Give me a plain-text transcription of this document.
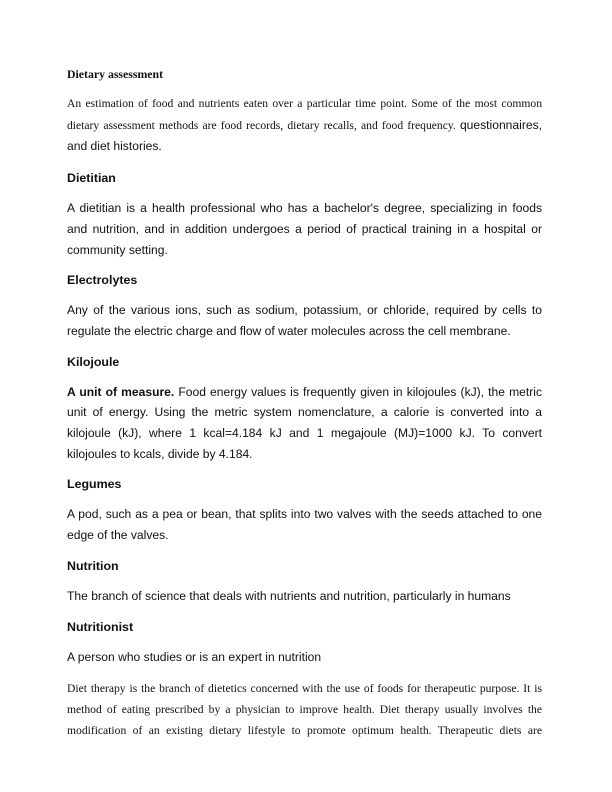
Dietary assessment

An estimation of food and nutrients eaten over a particular time point. Some of the most common dietary assessment methods are food records, dietary recalls, and food frequency. questionnaires, and diet histories.

Dietitian

A dietitian is a health professional who has a bachelor's degree, specializing in foods and nutrition, and in addition undergoes a period of practical training in a hospital or community setting.

Electrolytes

Any of the various ions, such as sodium, potassium, or chloride, required by cells to regulate the electric charge and flow of water molecules across the cell membrane.

Kilojoule

A unit of measure. Food energy values is frequently given in kilojoules (kJ), the metric unit of energy. Using the metric system nomenclature, a calorie is converted into a kilojoule (kJ), where 1 kcal=4.184 kJ and 1 megajoule (MJ)=1000 kJ. To convert kilojoules to kcals, divide by 4.184.

Legumes

A pod, such as a pea or bean, that splits into two valves with the seeds attached to one edge of the valves.

Nutrition

The branch of science that deals with nutrients and nutrition, particularly in humans

Nutritionist

A person who studies or is an expert in nutrition

Diet therapy is the branch of dietetics concerned with the use of foods for therapeutic purpose. It is method of eating prescribed by a physician to improve health. Diet therapy usually involves the modification of an existing dietary lifestyle to promote optimum health. Therapeutic diets are
